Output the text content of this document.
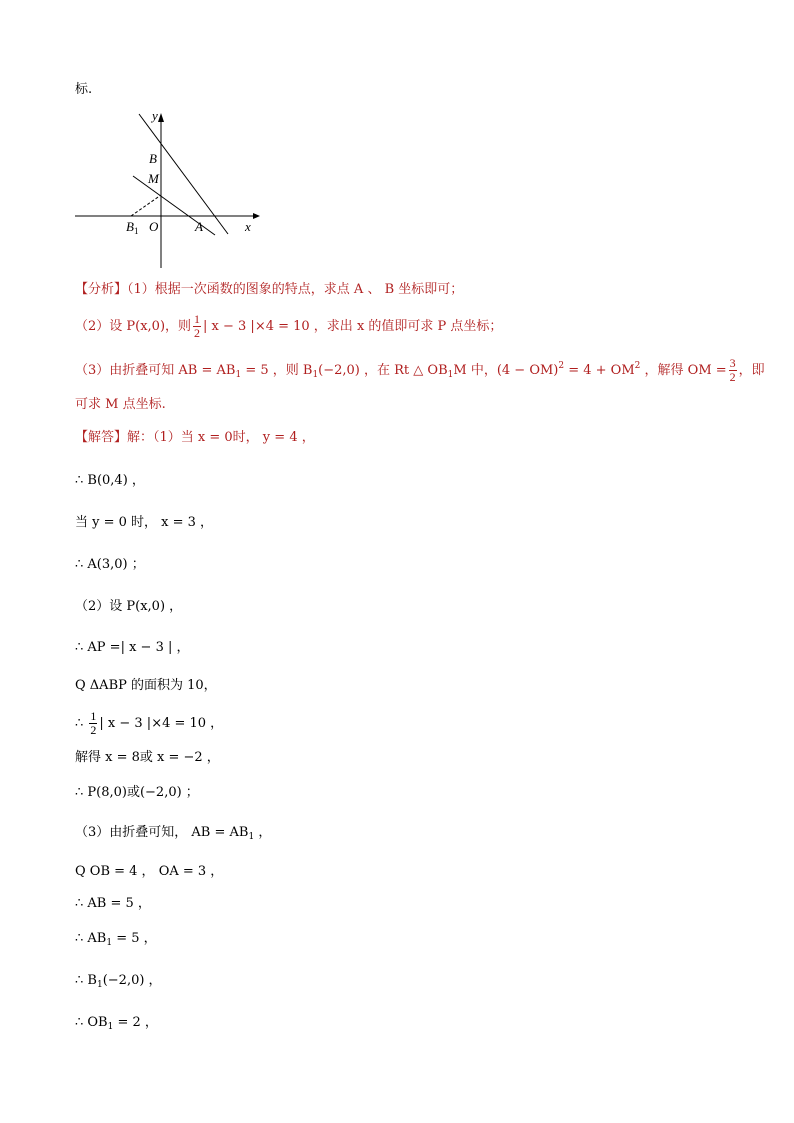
标.
y
B
M
B 1 O	A	x
【分析】（1）根据一次函数的图象的特点，求点 A 、 B 坐标即可；
（2）设 P(x,0)，则 $\frac{1}{2}$ | x − 3 |×4 = 10 ，求出 x 的值即可求 P 点坐标；
（3）由折叠可知 AB = $AB_1 = 5$ ，则 $B_1(-2,0)$ ，在 Rt △ $OB_1M$ 中，$(4 - OM)^2 = 4 + OM^2$ ，解得 OM = $\frac{3}{2}$ ，即
可求 M 点坐标.
【解答】解：（1）当 x = 0时， y = 4 ，
∴ B(0,4) ，
当 y = 0 时， x = 3 ，
∴ A(3,0) ；
（2）设 P(x,0) ，
∴ AP =| x − 3 | ，
Q ΔABP 的面积为 10，
∴ $\frac{1}{2}$ | x − 3 |×4 = 10 ，
解得 x = 8或 x = −2 ，
∴ P(8,0)或(−2,0) ；
（3）由折叠可知， AB = $AB_1$ ，
Q OB = 4 ， OA = 3 ，
∴ AB = 5 ，
∴ $AB_1 = 5$ ，
∴ $B_1(-2,0)$ ，
∴ $OB_1 = 2$ ，
